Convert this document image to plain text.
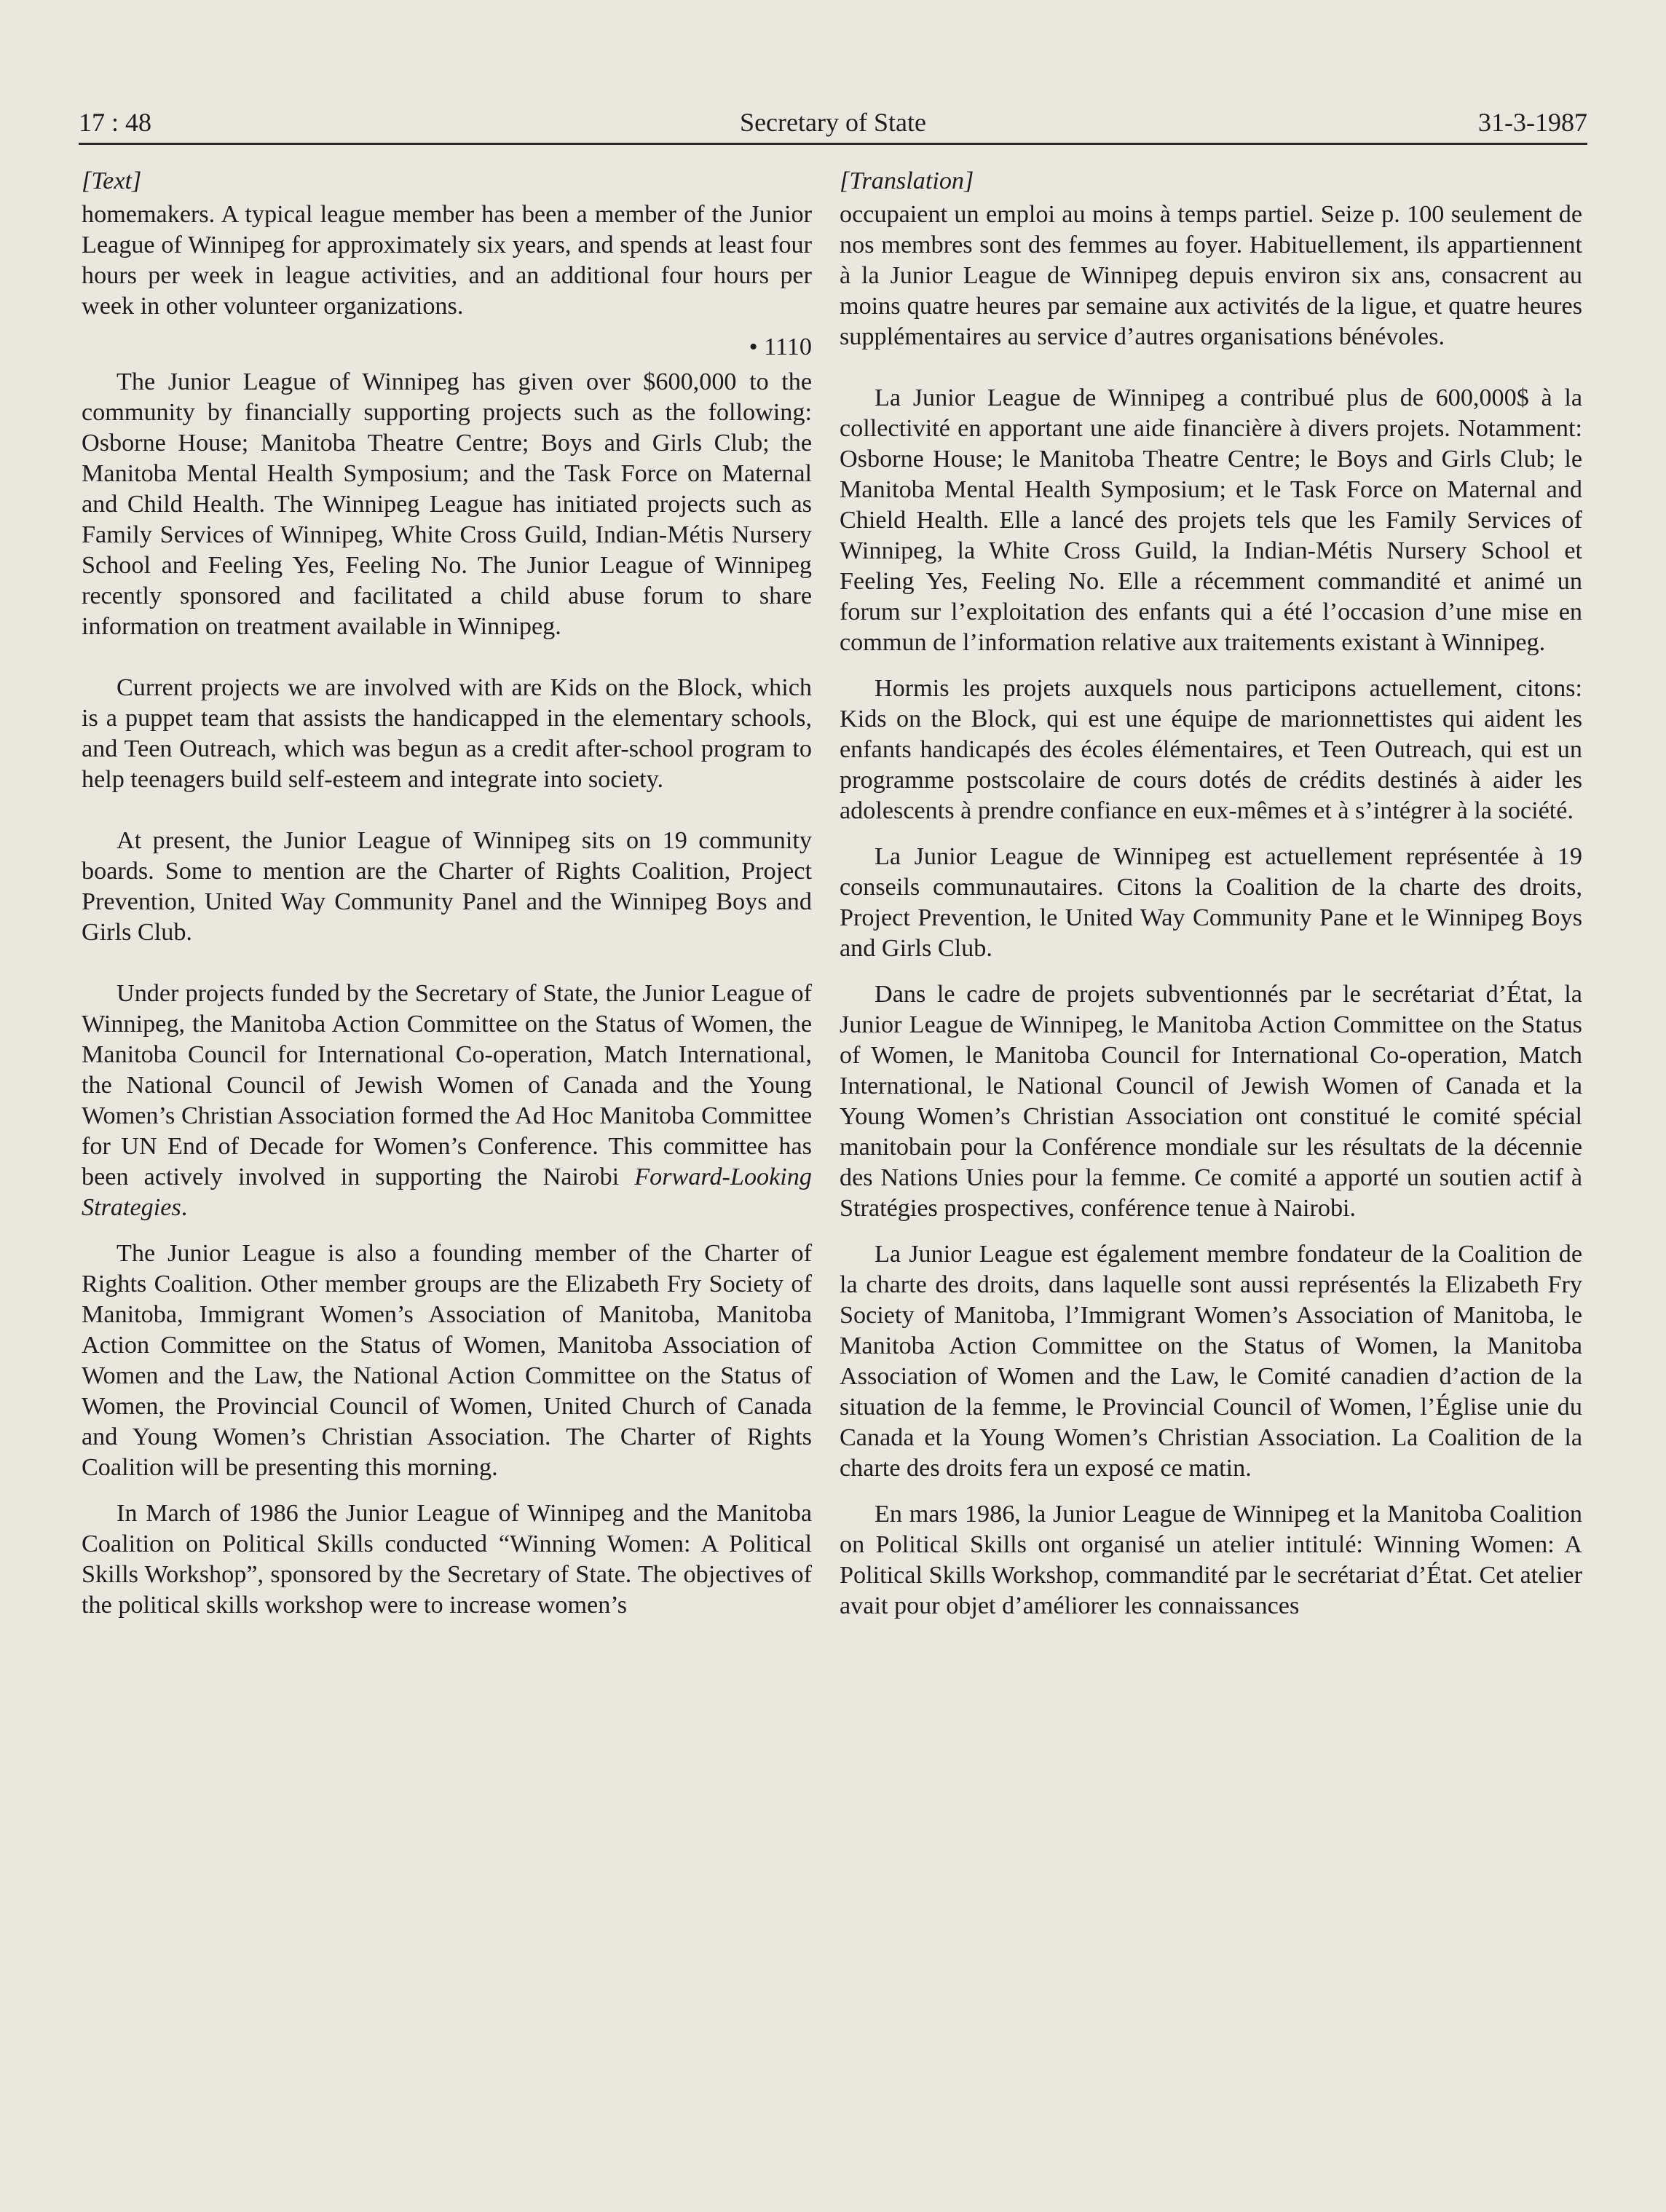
17 : 48	Secretary of State	31-3-1987

[Text]

homemakers. A typical league member has been a member of the Junior League of Winnipeg for approximately six years, and spends at least four hours per week in league activities, and an additional four hours per week in other volunteer organizations.

• 1110

The Junior League of Winnipeg has given over $600,000 to the community by financially supporting projects such as the following: Osborne House; Manitoba Theatre Centre; Boys and Girls Club; the Manitoba Mental Health Symposium; and the Task Force on Maternal and Child Health. The Winnipeg League has initiated projects such as Family Services of Winnipeg, White Cross Guild, Indian-Métis Nursery School and Feeling Yes, Feeling No. The Junior League of Winnipeg recently sponsored and facilitated a child abuse forum to share information on treatment available in Winnipeg.

Current projects we are involved with are Kids on the Block, which is a puppet team that assists the handicapped in the elementary schools, and Teen Outreach, which was begun as a credit after-school program to help teenagers build self-esteem and integrate into society.

At present, the Junior League of Winnipeg sits on 19 community boards. Some to mention are the Charter of Rights Coalition, Project Prevention, United Way Community Panel and the Winnipeg Boys and Girls Club.

Under projects funded by the Secretary of State, the Junior League of Winnipeg, the Manitoba Action Committee on the Status of Women, the Manitoba Council for International Co-operation, Match International, the National Council of Jewish Women of Canada and the Young Women’s Christian Association formed the Ad Hoc Manitoba Committee for UN End of Decade for Women’s Conference. This committee has been actively involved in supporting the Nairobi Forward-Looking Strategies.

The Junior League is also a founding member of the Charter of Rights Coalition. Other member groups are the Elizabeth Fry Society of Manitoba, Immigrant Women’s Association of Manitoba, Manitoba Action Committee on the Status of Women, Manitoba Association of Women and the Law, the National Action Committee on the Status of Women, the Provincial Council of Women, United Church of Canada and Young Women’s Christian Association. The Charter of Rights Coalition will be presenting this morning.

In March of 1986 the Junior League of Winnipeg and the Manitoba Coalition on Political Skills conducted “Winning Women: A Political Skills Workshop”, sponsored by the Secretary of State. The objectives of the political skills workshop were to increase women’s

[Translation]

occupaient un emploi au moins à temps partiel. Seize p. 100 seulement de nos membres sont des femmes au foyer. Habituellement, ils appartiennent à la Junior League de Winnipeg depuis environ six ans, consacrent au moins quatre heures par semaine aux activités de la ligue, et quatre heures supplémentaires au service d’autres organisations bénévoles.

La Junior League de Winnipeg a contribué plus de 600,000$ à la collectivité en apportant une aide financière à divers projets. Notamment: Osborne House; le Manitoba Theatre Centre; le Boys and Girls Club; le Manitoba Mental Health Symposium; et le Task Force on Maternal and Chield Health. Elle a lancé des projets tels que les Family Services of Winnipeg, la White Cross Guild, la Indian-Métis Nursery School et Feeling Yes, Feeling No. Elle a récemment commandité et animé un forum sur l’exploitation des enfants qui a été l’occasion d’une mise en commun de l’information relative aux traitements existant à Winnipeg.

Hormis les projets auxquels nous participons actuellement, citons: Kids on the Block, qui est une équipe de marionnettistes qui aident les enfants handicapés des écoles élémentaires, et Teen Outreach, qui est un programme postscolaire de cours dotés de crédits destinés à aider les adolescents à prendre confiance en eux-mêmes et à s’intégrer à la société.

La Junior League de Winnipeg est actuellement représentée à 19 conseils communautaires. Citons la Coalition de la charte des droits, Project Prevention, le United Way Community Pane et le Winnipeg Boys and Girls Club.

Dans le cadre de projets subventionnés par le secrétariat d’État, la Junior League de Winnipeg, le Manitoba Action Committee on the Status of Women, le Manitoba Council for International Co-operation, Match International, le National Council of Jewish Women of Canada et la Young Women’s Christian Association ont constitué le comité spécial manitobain pour la Conférence mondiale sur les résultats de la décennie des Nations Unies pour la femme. Ce comité a apporté un soutien actif à Stratégies prospectives, conférence tenue à Nairobi.

La Junior League est également membre fondateur de la Coalition de la charte des droits, dans laquelle sont aussi représentés la Elizabeth Fry Society of Manitoba, l’Immigrant Women’s Association of Manitoba, le Manitoba Action Committee on the Status of Women, la Manitoba Association of Women and the Law, le Comité canadien d’action de la situation de la femme, le Provincial Council of Women, l’Église unie du Canada et la Young Women’s Christian Association. La Coalition de la charte des droits fera un exposé ce matin.

En mars 1986, la Junior League de Winnipeg et la Manitoba Coalition on Political Skills ont organisé un atelier intitulé: Winning Women: A Political Skills Workshop, commandité par le secrétariat d’État. Cet atelier avait pour objet d’améliorer les connaissances
